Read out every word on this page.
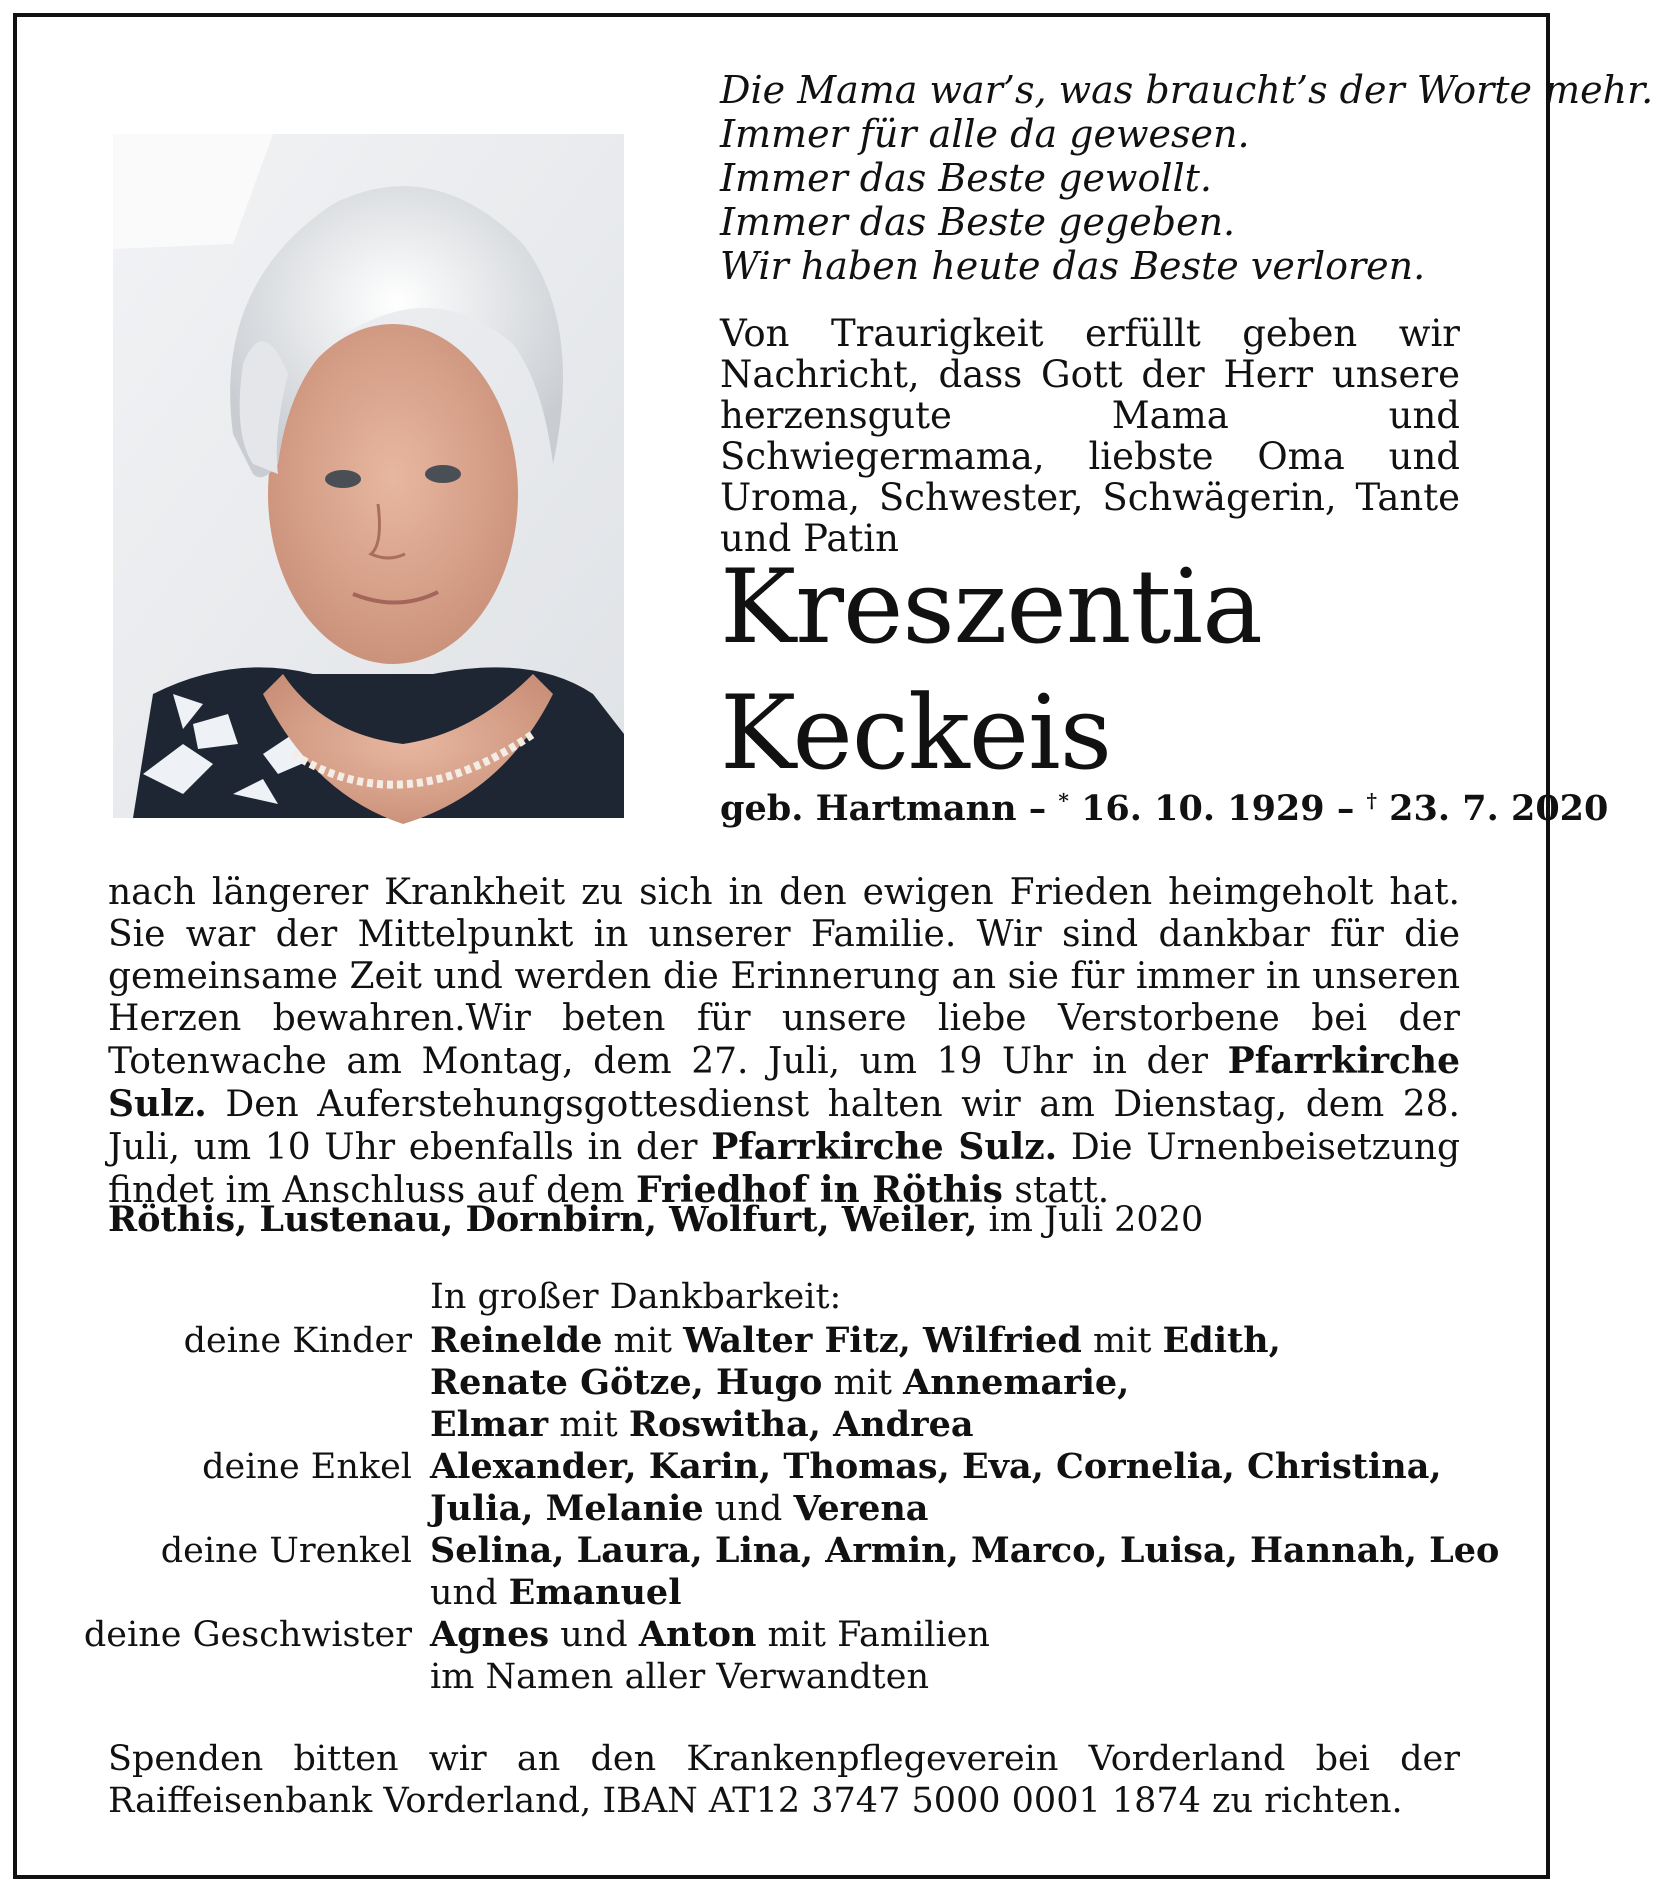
Die Mama war’s, was braucht’s der Worte mehr.
Immer für alle da gewesen.
Immer das Beste gewollt.
Immer das Beste gegeben.
Wir haben heute das Beste verloren.
Von Traurigkeit erfüllt geben wir Nachricht, dass Gott der Herr unsere herzensgute Mama und Schwiegermama, liebste Oma und Uroma, Schwester, Schwägerin, Tante und Patin
Kreszentia
Keckeis
geb. Hartmann – * 16. 10. 1929 – † 23. 7. 2020
nach längerer Krankheit zu sich in den ewigen Frieden heimgeholt hat. Sie war der Mittelpunkt in unserer Familie. Wir sind dankbar für die gemeinsame Zeit und werden die Erinnerung an sie für immer in unseren Herzen bewahren.Wir beten für unsere liebe Verstorbene bei der Totenwache am Montag, dem 27. Juli, um 19 Uhr in der Pfarrkirche Sulz. Den Auferstehungsgottesdienst halten wir am Dienstag, dem 28. Juli, um 10 Uhr ebenfalls in der Pfarrkirche Sulz. Die Urnenbeisetzung findet im Anschluss auf dem Friedhof in Röthis statt.
Röthis, Lustenau, Dornbirn, Wolfurt, Weiler, im Juli 2020
In großer Dankbarkeit:
deine Kinder Reinelde mit Walter Fitz, Wilfried mit Edith,
Renate Götze, Hugo mit Annemarie,
Elmar mit Roswitha, Andrea
deine Enkel Alexander, Karin, Thomas, Eva, Cornelia, Christina,
Julia, Melanie und Verena
deine Urenkel Selina, Laura, Lina, Armin, Marco, Luisa, Hannah, Leo
und Emanuel
deine Geschwister Agnes und Anton mit Familien
im Namen aller Verwandten
Spenden bitten wir an den Krankenpflegeverein Vorderland bei der Raiffeisenbank Vorderland, IBAN AT12 3747 5000 0001 1874 zu richten.
